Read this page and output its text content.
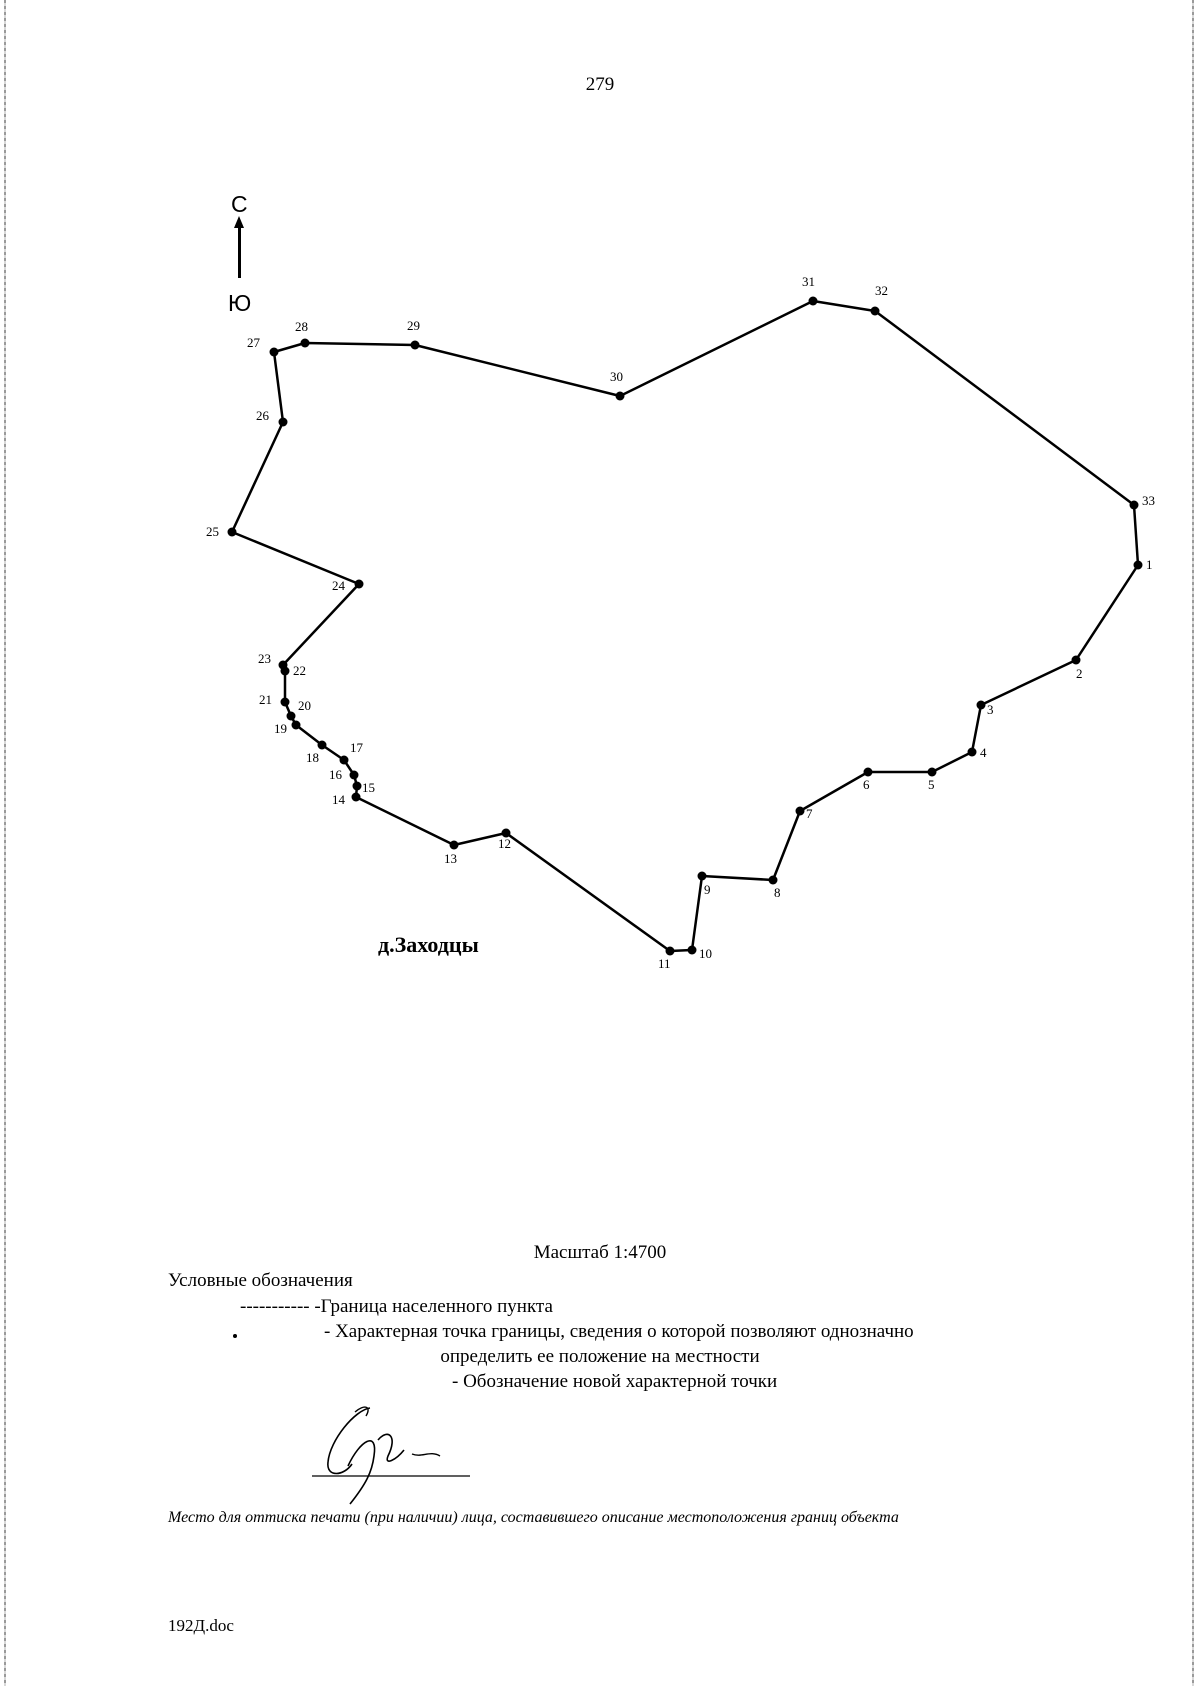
279
С
Ю
1
2
3
4
5
6
7
8
9
10
11
12
13
14
15
16
17
18
19
20
21
22
23
24
25
26
27
28	29
30
31
32
33
д.Заходцы
Масштаб 1:4700
Условные обозначения
----------- -Граница населенного пункта
- Характерная точка границы, сведения о которой позволяют однозначно
определить ее положение на местности
- Обозначение новой характерной точки
Место для оттиска печати (при наличии) лица, составившего описание местоположения границ объекта
192Д.doc
